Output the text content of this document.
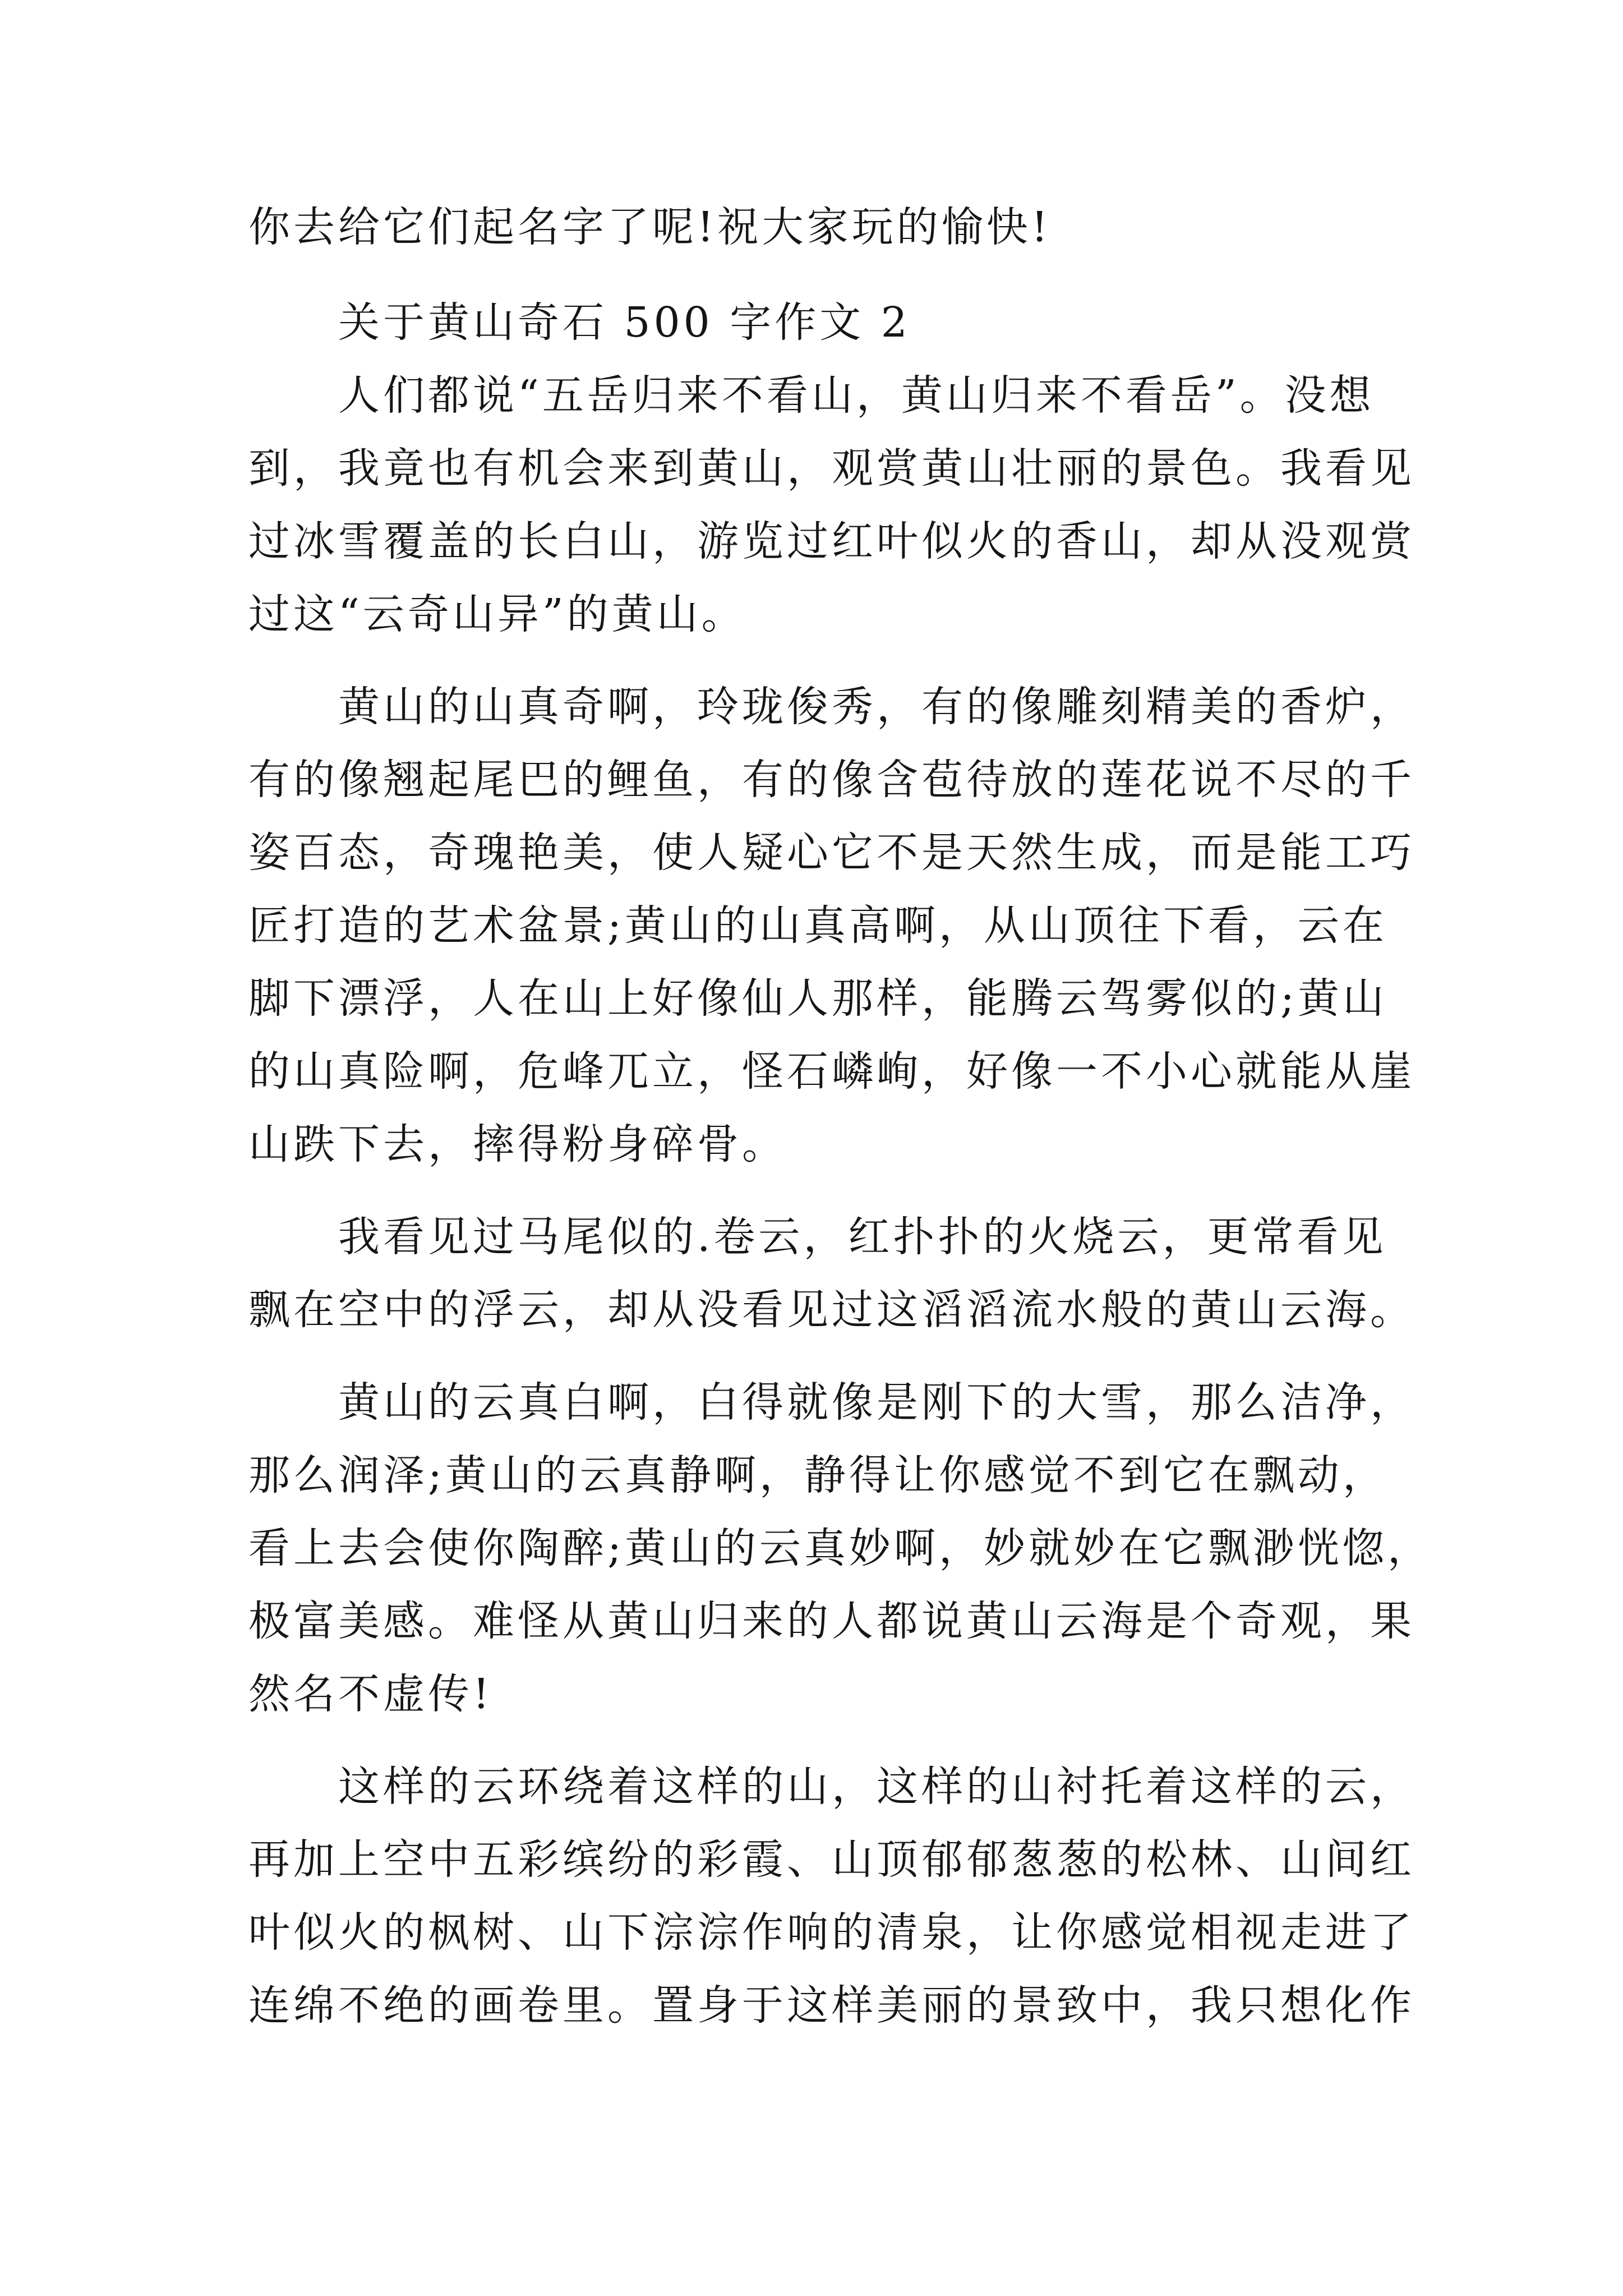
你去给它们起名字了呢!祝大家玩的愉快!

关于黄山奇石 500 字作文 2

人们都说“五岳归来不看山，黄山归来不看岳”。没想

到，我竟也有机会来到黄山，观赏黄山壮丽的景色。我看见

过冰雪覆盖的长白山，游览过红叶似火的香山，却从没观赏

过这“云奇山异”的黄山。

黄山的山真奇啊，玲珑俊秀，有的像雕刻精美的香炉，

有的像翘起尾巴的鲤鱼，有的像含苞待放的莲花说不尽的千

姿百态，奇瑰艳美，使人疑心它不是天然生成，而是能工巧

匠打造的艺术盆景;黄山的山真高啊，从山顶往下看，云在

脚下漂浮，人在山上好像仙人那样，能腾云驾雾似的;黄山

的山真险啊，危峰兀立，怪石嶙峋，好像一不小心就能从崖

山跌下去，摔得粉身碎骨。

我看见过马尾似的.卷云，红扑扑的火烧云，更常看见

飘在空中的浮云，却从没看见过这滔滔流水般的黄山云海。

黄山的云真白啊，白得就像是刚下的大雪，那么洁净，

那么润泽;黄山的云真静啊，静得让你感觉不到它在飘动，

看上去会使你陶醉;黄山的云真妙啊，妙就妙在它飘渺恍惚，

极富美感。难怪从黄山归来的人都说黄山云海是个奇观，果

然名不虚传!

这样的云环绕着这样的山，这样的山衬托着这样的云，

再加上空中五彩缤纷的彩霞、山顶郁郁葱葱的松林、山间红

叶似火的枫树、山下淙淙作响的清泉，让你感觉相视走进了

连绵不绝的画卷里。置身于这样美丽的景致中，我只想化作
